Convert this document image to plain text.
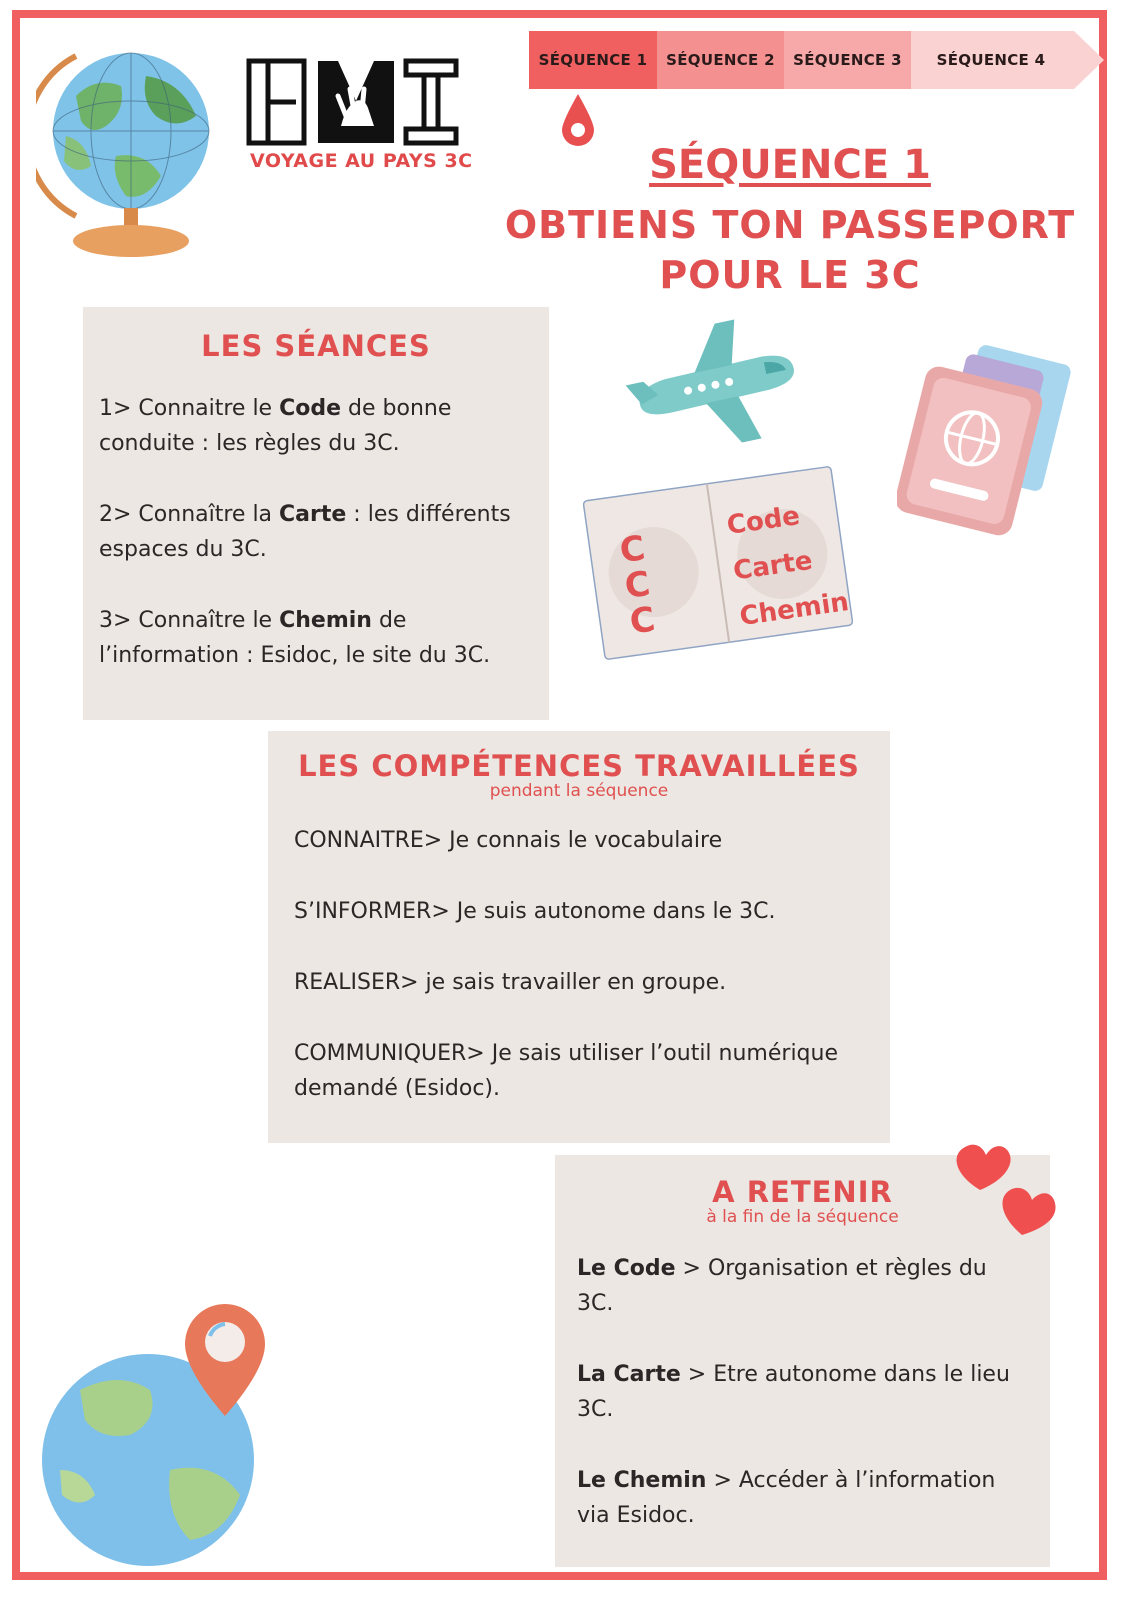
VOYAGE AU PAYS 3C
SÉQUENCE 1	SÉQUENCE 2	SÉQUENCE 3	SÉQUENCE 4
SÉQUENCE 1
OBTIENS TON PASSEPORT
POUR LE 3C
LES SÉANCES

1> Connaitre le Code de bonne conduite : les règles du 3C.

2> Connaître la Carte : les différents espaces du 3C.

3> Connaître le Chemin de l’information : Esidoc, le site du 3C.

CCC
Code
Carte
Chemin
LES COMPÉTENCES TRAVAILLÉES
pendant la séquence

CONNAITRE> Je connais le vocabulaire

S’INFORMER> Je suis autonome dans le 3C.

REALISER> je sais travailler en groupe.

COMMUNIQUER> Je sais utiliser l’outil numérique demandé (Esidoc).

A RETENIR
à la fin de la séquence

Le Code > Organisation et règles du 3C.

La Carte > Etre autonome dans le lieu 3C.

Le Chemin > Accéder à l’information via Esidoc.
